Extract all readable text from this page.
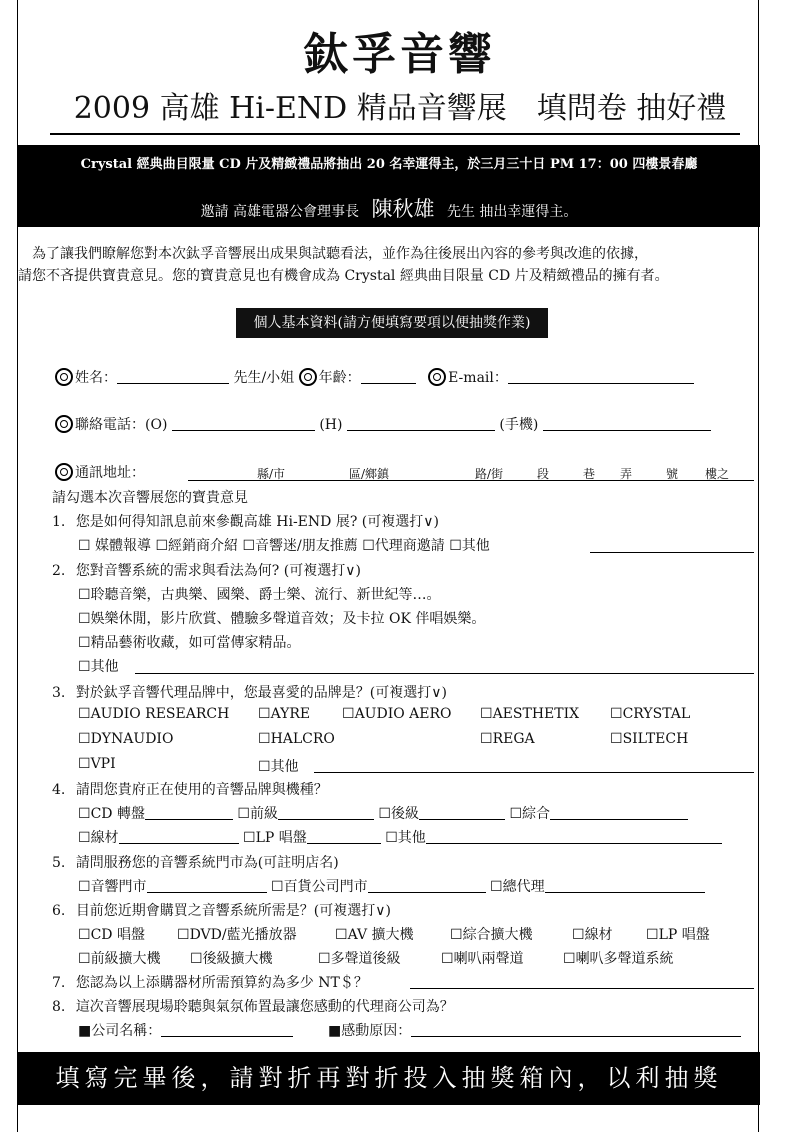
鈦孚音響
2009 高雄 Hi-END 精品音響展　填問卷 抽好禮
Crystal 經典曲目限量 CD 片及精緻禮品將抽出 20 名幸運得主，於三月三十日 PM 17：00 四樓景春廳
邀請 高雄電器公會理事長 陳秋雄 先生 抽出幸運得主。

為了讓我們瞭解您對本次鈦孚音響展出成果與試聽看法，並作為往後展出內容的參考與改進的依據，

請您不吝提供寶貴意見。您的寶貴意見也有機會成為 Crystal 經典曲目限量 CD 片及精緻禮品的擁有者。

個人基本資料(請方便填寫要項以便抽獎作業)
姓名：	先生/小姐 年齡：	E-mail：
聯絡電話：(O)	(H)	(手機)
通訊地址：	縣/市	區/鄉鎮	路/街	段	巷 弄	號 樓之
請勾選本次音響展您的寶貴意見
1. 您是如何得知訊息前來參觀高雄 Hi-END 展? (可複選打∨)
☐ 媒體報導 ☐ 經銷商介紹 ☐ 音響迷/朋友推薦 ☐ 代理商邀請 ☐ 其他
2. 您對音響系統的需求與看法為何? (可複選打∨)
☐ 聆聽音樂，古典樂、國樂、爵士樂、流行、新世紀等…。
☐ 娛樂休閒，影片欣賞、體驗多聲道音效；及卡拉 OK 伴唱娛樂。
☐ 精品藝術收藏，如可當傳家精品。
☐ 其他
3. 對於鈦孚音響代理品牌中，您最喜愛的品牌是？(可複選打∨)
☐ AUDIO RESEARCH ☐	AYRE ☐	AUDIO AERO ☐	AESTHETIX ☐	CRYSTAL
☐ DYNAUDIO ☐	HALCRO ☐	REGA ☐	SILTECH
☐ VPI ☐	其他
4. 請問您貴府正在使用的音響品牌與機種？
☐ CD 轉盤 ☐	前級 ☐	後級 ☐	綜合
☐ 線材 ☐	LP 唱盤 ☐	其他
5. 請問服務您的音響系統門市為(可註明店名)
☐ 音響門市 ☐	百貨公司門市 ☐	總代理
6. 目前您近期會購買之音響系統所需是？(可複選打∨)
☐ CD 唱盤 ☐	DVD/藍光播放器 ☐	AV 擴大機 ☐	綜合擴大機 ☐	線材 ☐	LP 唱盤
☐ 前級擴大機 ☐	後級擴大機 ☐	多聲道後級 ☐	喇叭兩聲道 ☐	喇叭多聲道系統
7. 您認為以上添購器材所需預算約為多少 NT＄？
8. 這次音響展現場聆聽與氣氛佈置最讓您感動的代理商公司為？
■公司名稱：	■感動原因：
填寫完畢後，請對折再對折投入抽獎箱內，以利抽獎
